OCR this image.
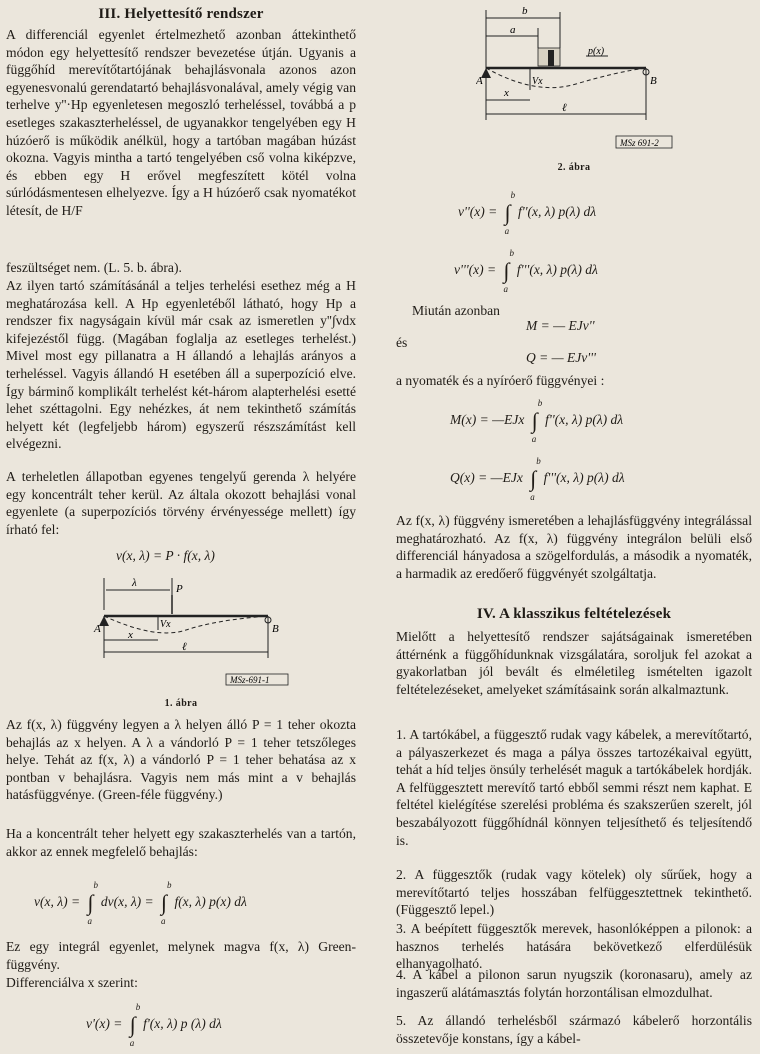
III. Helyettesítő rendszer

A differenciál egyenlet értelmezhető azonban áttekinthető módon egy helyettesítő rendszer bevezetése útján. Ugyanis a függőhíd merevítőtartójának behajlásvonala azonos azon egyenesvonalú gerendatartó behajlásvonalával, amely végig van terhelve y''·Hp egyenletesen megoszló terheléssel, továbbá a p esetleges szakaszterheléssel, de ugyanakkor tengelyében egy H húzóerő is működik anélkül, hogy a tartóban magában húzást okozna. Vagyis mintha a tartó tengelyében cső volna kiképzve, és ebben egy H erővel megfeszített kötél volna súrlódásmentesen elhelyezve. Így a H húzóerő csak nyomatékot létesít, de H/F

feszültséget nem. (L. 5. b. ábra).

Az ilyen tartó számításánál a teljes terhelési esethez még a H meghatározása kell. A Hp egyenletéből látható, hogy Hp a rendszer fix nagyságain kívül már csak az ismeretlen y''∫vdx kifejezéstől függ. (Magában foglalja az esetleges terhelést.) Mivel most egy pillanatra a H állandó a lehajlás arányos a terheléssel. Vagyis állandó H esetében áll a superpozíció elve. Így bárminő komplikált terhelést két-három alapterhelési esetté lehet széttagolni. Egy nehézkes, át nem tekinthető számítás helyett két (legfeljebb három) egyszerű részszámítást kell elvégezni.

A terheletlen állapotban egyenes tengelyű gerenda λ helyére egy koncentrált teher kerül. Az általa okozott behajlási vonal egyenlete (a superpozíciós törvény érvényessége mellett) így írható fel:

v(x, λ) = P · f(x, λ)
λ	P
A	B
Vx
x
ℓ
MSz-691-1
1. ábra

Az f(x, λ) függvény legyen a λ helyen álló P = 1 teher okozta behajlás az x helyen. A λ a vándorló P = 1 teher tetszőleges helye. Tehát az f(x, λ) a vándorló P = 1 teher behatása az x pontban v behajlásra. Vagyis nem más mint a v behajlás hatásfüggvénye. (Green-féle függvény.)

Ha a koncentrált teher helyett egy szakaszterhelés van a tartón, akkor az ennek megfelelő behajlás:

v(x, λ) = ∫
b
a
dv(x, λ) = ∫
b
a
f(x, λ) p(x) dλ

Ez egy integrál egyenlet, melynek magva f(x, λ) Green-függvény.

Differenciálva x szerint:

v'(x) = ∫
b
a
f'(x, λ) p (λ) dλ
b
a
p(x)
A	B
Vx
x
ℓ
MSz 691-2
2. ábra
v''(x) = ∫
b
a
f''(x, λ) p(λ) dλ
v'''(x) = ∫
b
a
f'''(x, λ) p(λ) dλ
Miután azonban
M = — EJv''
és
Q = — EJv'''
a nyomaték és a nyíróerő függvényei :
M(x) = —EJx ∫
b
a
f''(x, λ) p(λ) dλ
Q(x) = —EJx ∫
b
a
f'''(x, λ) p(λ) dλ

Az f(x, λ) függvény ismeretében a lehajlásfüggvény integrálással meghatározható. Az f(x, λ) függvény integrálon belüli első differenciál hányadosa a szögelfordulás, a második a nyomaték, a harmadik az eredőerő függvényét szolgáltatja.

IV. A klasszikus feltételezések

Mielőtt a helyettesítő rendszer sajátságainak ismeretében áttérnénk a függőhídunknak vizsgálatára, soroljuk fel azokat a gyakorlatban jól bevált és elméletileg ismételten igazolt feltételezéseket, amelyeket számításaink során alkalmaztunk.

1. A tartókábel, a függesztő rudak vagy kábelek, a merevítőtartó, a pályaszerkezet és maga a pálya összes tartozékaival együtt, tehát a híd teljes önsúly terhelését maguk a tartókábelek hordják. A felfüggesztett merevítő tartó ebből semmi részt nem kaphat. E feltétel kielégítése szerelési probléma és szakszerűen szerelt, jól beszabályozott függőhídnál könnyen teljesíthető és teljesítendő is.

2. A függesztők (rudak vagy kötelek) oly sűrűek, hogy a merevítőtartó teljes hosszában felfüggesztettnek tekinthető. (Függesztő lepel.)

3. A beépített függesztők merevek, hasonlóképpen a pilonok: a hasznos terhelés hatására bekövetkező elferdülésük elhanyagolható.

4. A kábel a pilonon sarun nyugszik (koronasaru), amely az ingaszerű alátámasztás folytán horzontálisan elmozdulhat.

5. Az állandó terhelésből származó kábelerő horzontális összetevője konstans, így a kábel-
